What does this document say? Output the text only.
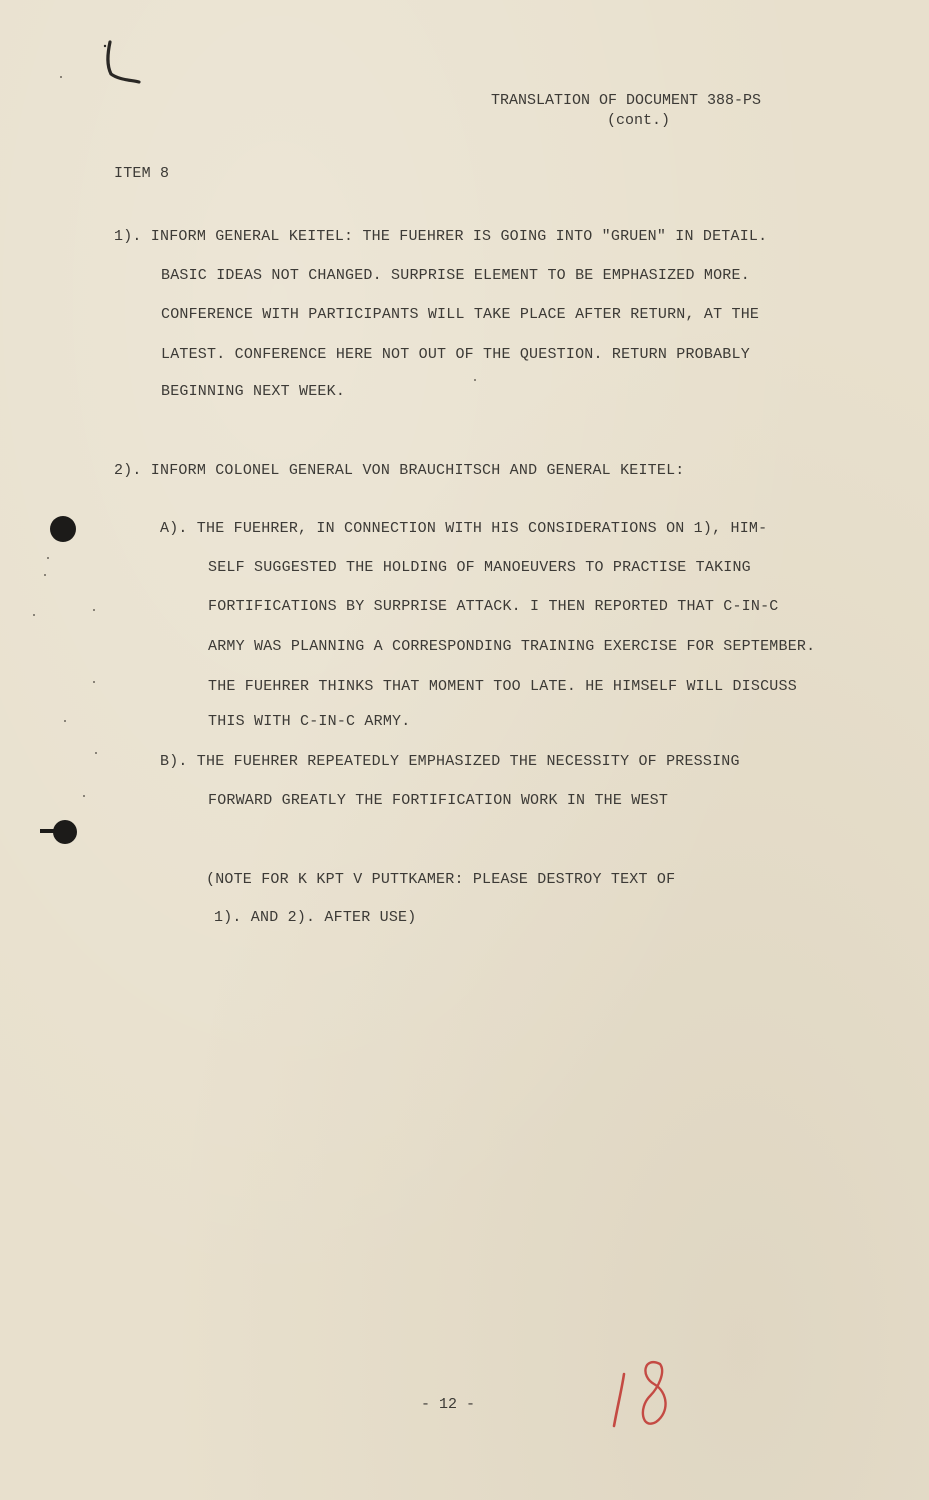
TRANSLATION OF DOCUMENT 388-PS
(cont.)
ITEM 8
1). INFORM GENERAL KEITEL: THE FUEHRER IS GOING INTO "GRUEN" IN DETAIL.
BASIC IDEAS NOT CHANGED. SURPRISE ELEMENT TO BE EMPHASIZED MORE.
CONFERENCE WITH PARTICIPANTS WILL TAKE PLACE AFTER RETURN, AT THE
LATEST. CONFERENCE HERE NOT OUT OF THE QUESTION. RETURN PROBABLY
BEGINNING NEXT WEEK.
2). INFORM COLONEL GENERAL VON BRAUCHITSCH AND GENERAL KEITEL:
A). THE FUEHRER, IN CONNECTION WITH HIS CONSIDERATIONS ON 1), HIM-
SELF SUGGESTED THE HOLDING OF MANOEUVERS TO PRACTISE TAKING
FORTIFICATIONS BY SURPRISE ATTACK. I THEN REPORTED THAT C-IN-C
ARMY WAS PLANNING A CORRESPONDING TRAINING EXERCISE FOR SEPTEMBER.
THE FUEHRER THINKS THAT MOMENT TOO LATE. HE HIMSELF WILL DISCUSS
THIS WITH C-IN-C ARMY.
B). THE FUEHRER REPEATEDLY EMPHASIZED THE NECESSITY OF PRESSING
FORWARD GREATLY THE FORTIFICATION WORK IN THE WEST
(NOTE FOR K KPT V PUTTKAMER: PLEASE DESTROY TEXT OF
1). AND 2). AFTER USE)
- 12 -
